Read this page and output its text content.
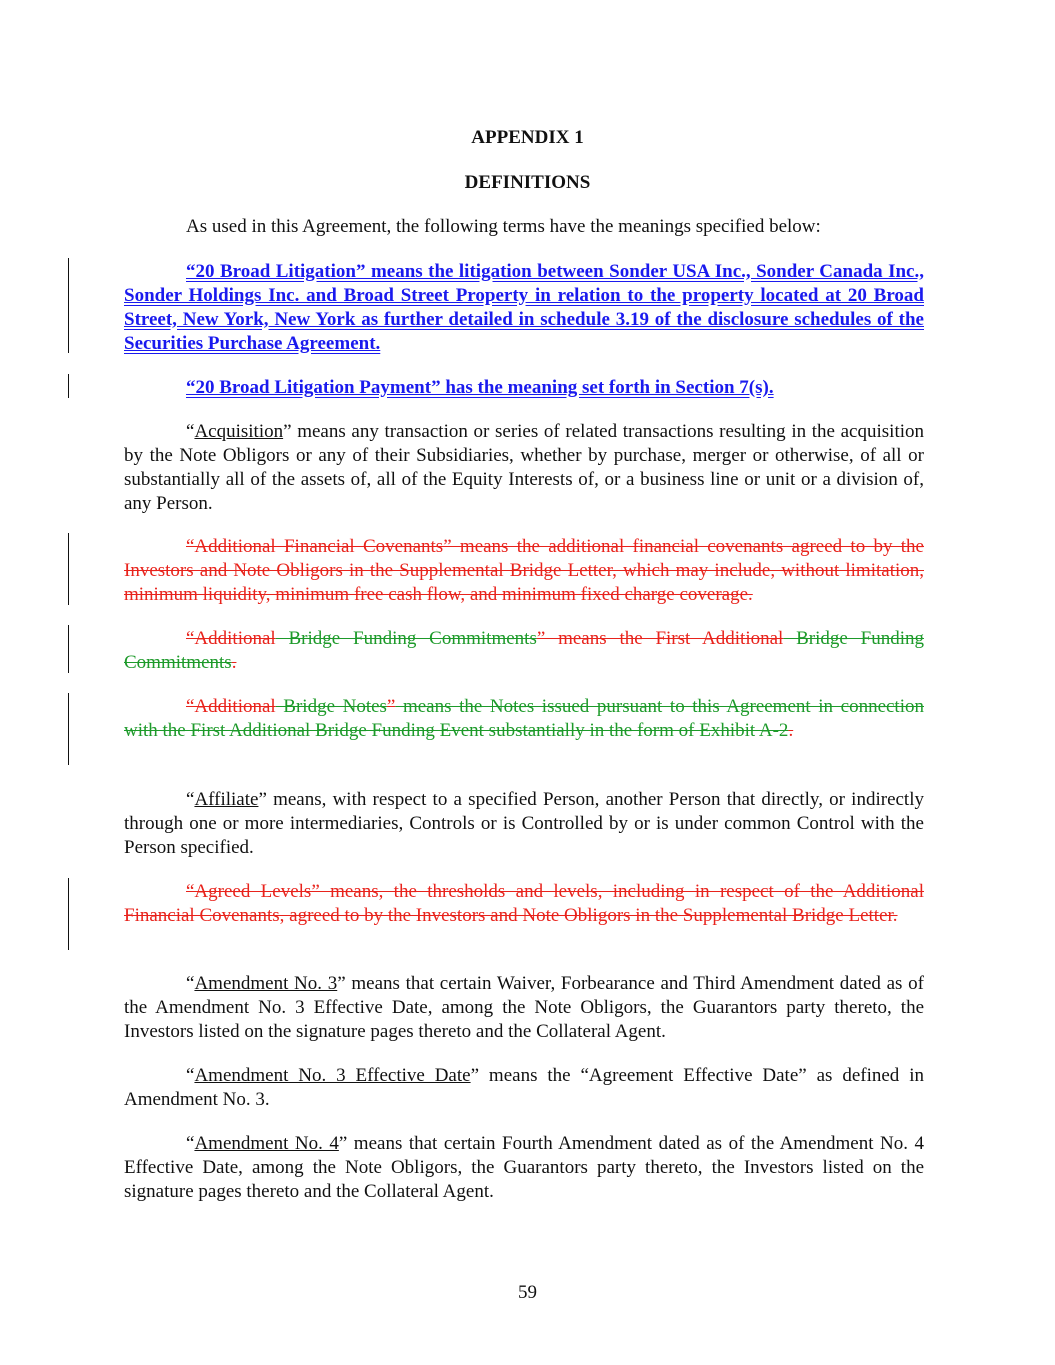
APPENDIX 1
DEFINITIONS
As used in this Agreement, the following terms have the meanings specified below:
“20 Broad Litigation” means the litigation between Sonder USA Inc., Sonder Canada Inc., Sonder Holdings Inc. and Broad Street Property in relation to the property located at 20 Broad Street, New York, New York as further detailed in schedule 3.19 of the disclosure schedules of the Securities Purchase Agreement.
“20 Broad Litigation Payment” has the meaning set forth in Section 7(s).
“Acquisition” means any transaction or series of related transactions resulting in the acquisition by the Note Obligors or any of their Subsidiaries, whether by purchase, merger or otherwise, of all or substantially all of the assets of, all of the Equity Interests of, or a business line or unit or a division of, any Person.
“Additional Financial Covenants” means the additional financial covenants agreed to by the Investors and Note Obligors in the Supplemental Bridge Letter, which may include, without limitation, minimum liquidity, minimum free cash flow, and minimum fixed charge coverage.
“Additional Bridge Funding Commitments” means the First Additional Bridge Funding Commitments.
“Additional Bridge Notes” means the Notes issued pursuant to this Agreement in connection with the First Additional Bridge Funding Event substantially in the form of Exhibit A-2.
“Affiliate” means, with respect to a specified Person, another Person that directly, or indirectly through one or more intermediaries, Controls or is Controlled by or is under common Control with the Person specified.
“Agreed Levels” means, the thresholds and levels, including in respect of the Additional Financial Covenants, agreed to by the Investors and Note Obligors in the Supplemental Bridge Letter.
“Amendment No. 3” means that certain Waiver, Forbearance and Third Amendment dated as of the Amendment No. 3 Effective Date, among the Note Obligors, the Guarantors party thereto, the Investors listed on the signature pages thereto and the Collateral Agent.
“Amendment No. 3 Effective Date” means the “Agreement Effective Date” as defined in Amendment No. 3.
“Amendment No. 4” means that certain Fourth Amendment dated as of the Amendment No. 4 Effective Date, among the Note Obligors, the Guarantors party thereto, the Investors listed on the signature pages thereto and the Collateral Agent.
59
